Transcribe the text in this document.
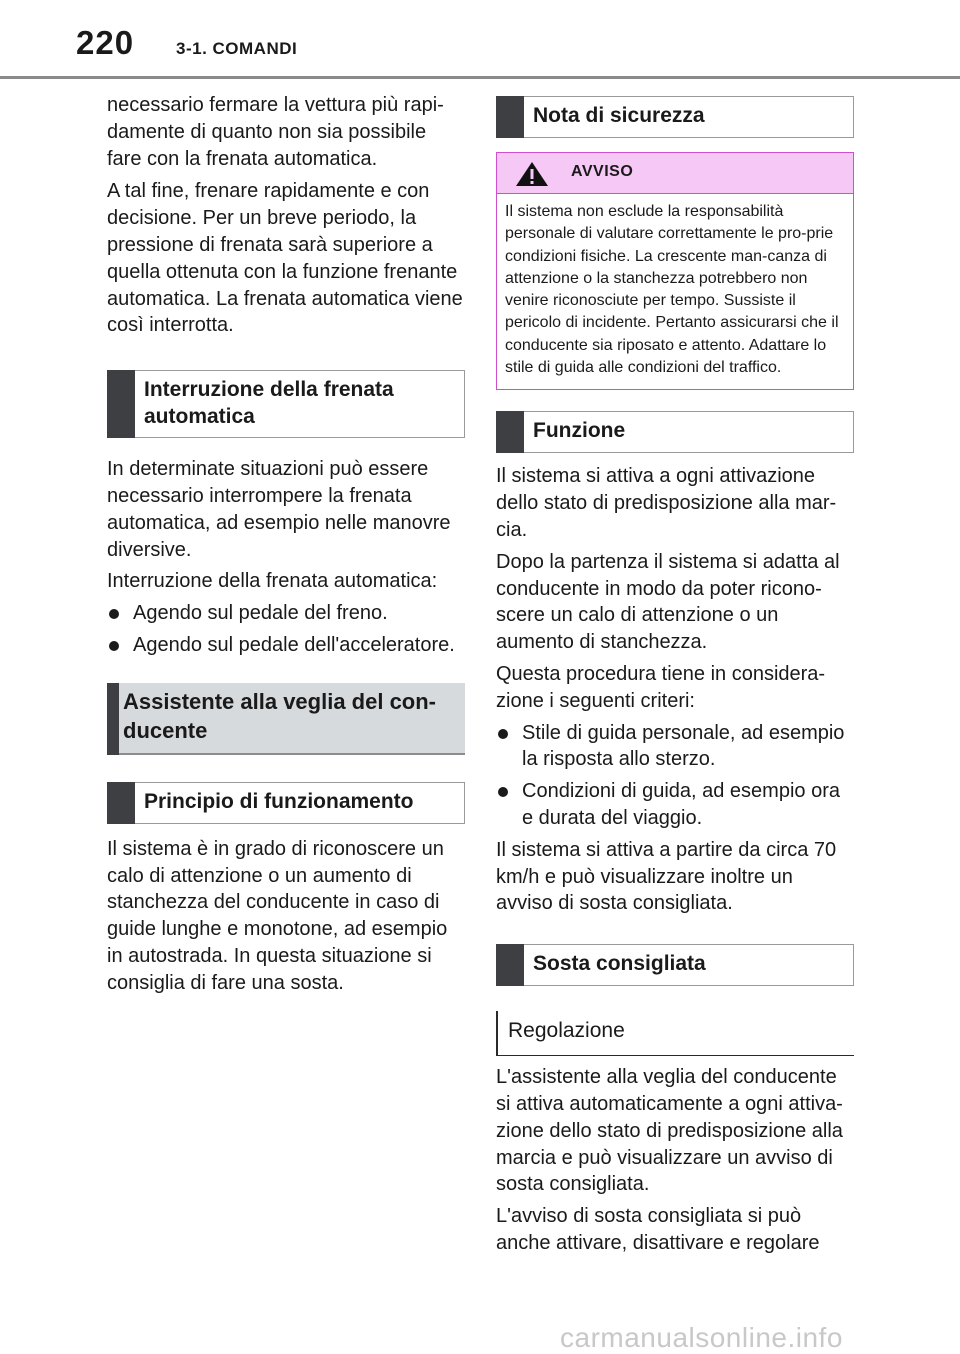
220 3-1. COMANDI

necessario fermare la vettura più rapi-damente di quanto non sia possibile fare con la frenata automatica.

A tal fine, frenare rapidamente e con decisione. Per un breve periodo, la pressione di frenata sarà superiore a quella ottenuta con la funzione frenante automatica. La frenata automatica viene così interrotta.

Interruzione della frenata automatica

In determinate situazioni può essere necessario interrompere la frenata automatica, ad esempio nelle manovre diversive.

Interruzione della frenata automatica:

Agendo sul pedale del freno.
Agendo sul pedale dell'acceleratore.
Assistente alla veglia del con-ducente
Principio di funzionamento

Il sistema è in grado di riconoscere un calo di attenzione o un aumento di stanchezza del conducente in caso di guide lunghe e monotone, ad esempio in autostrada. In questa situazione si consiglia di fare una sosta.

Nota di sicurezza
AVVISO
Il sistema non esclude la responsabilità personale di valutare correttamente le pro-prie condizioni fisiche. La crescente man-canza di attenzione o la stanchezza potrebbero non venire riconosciute per tempo. Sussiste il pericolo di incidente. Pertanto assicurarsi che il conducente sia riposato e attento. Adattare lo stile di guida alle condizioni del traffico.
Funzione

Il sistema si attiva a ogni attivazione dello stato di predisposizione alla mar-cia.

Dopo la partenza il sistema si adatta al conducente in modo da poter ricono-scere un calo di attenzione o un aumento di stanchezza.

Questa procedura tiene in considera-zione i seguenti criteri:

Stile di guida personale, ad esempio la risposta allo sterzo.
Condizioni di guida, ad esempio ora e durata del viaggio.

Il sistema si attiva a partire da circa 70 km/h e può visualizzare inoltre un avviso di sosta consigliata.

Sosta consigliata
Regolazione

L'assistente alla veglia del conducente si attiva automaticamente a ogni attiva-zione dello stato di predisposizione alla marcia e può visualizzare un avviso di sosta consigliata.

L'avviso di sosta consigliata si può anche attivare, disattivare e regolare

carmanualsonline.info
